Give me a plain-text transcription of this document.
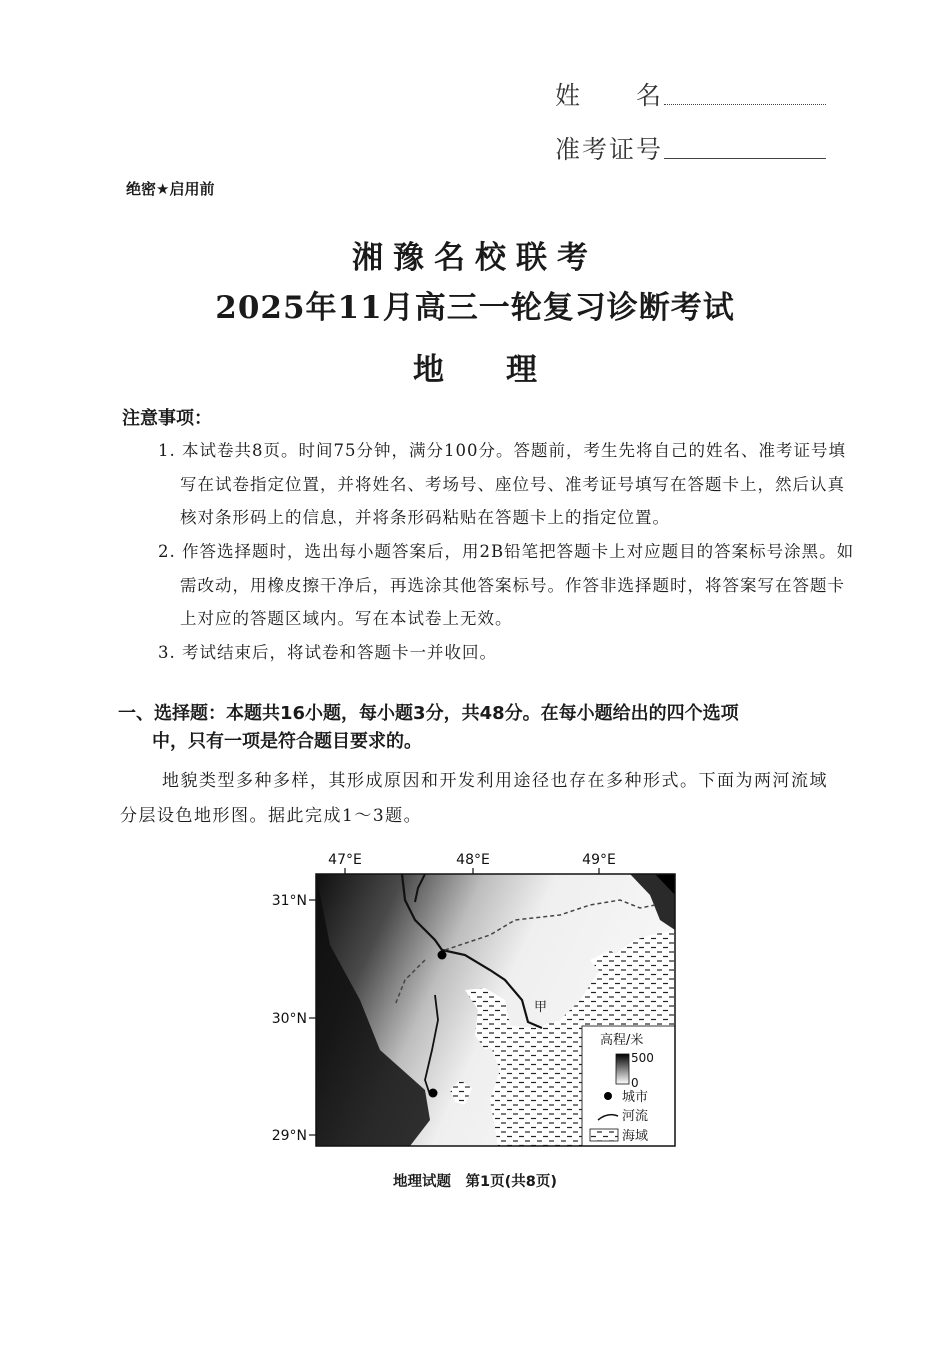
姓　　名
准考证号
绝密★启用前
湘豫名校联考
2025年11月高三一轮复习诊断考试
地　　理
注意事项：
1. 本试卷共8页。时间75分钟，满分100分。答题前，考生先将自己的姓名、准考证号填写在试卷指定位置，并将姓名、考场号、座位号、准考证号填写在答题卡上，然后认真核对条形码上的信息，并将条形码粘贴在答题卡上的指定位置。
2. 作答选择题时，选出每小题答案后，用2B铅笔把答题卡上对应题目的答案标号涂黑。如需改动，用橡皮擦干净后，再选涂其他答案标号。作答非选择题时，将答案写在答题卡上对应的答题区域内。写在本试卷上无效。
3. 考试结束后，将试卷和答题卡一并收回。
一、选择题：本题共16小题，每小题3分，共48分。在每小题给出的四个选项
中，只有一项是符合题目要求的。
地貌类型多种多样，其形成原因和开发利用途径也存在多种形式。下面为两河流域分层设色地形图。据此完成1～3题。
甲
47°E	48°E	49°E
31°N
30°N
29°N
高程/米
500
0
城市
河流
海域
地理试题　第1页(共8页)
